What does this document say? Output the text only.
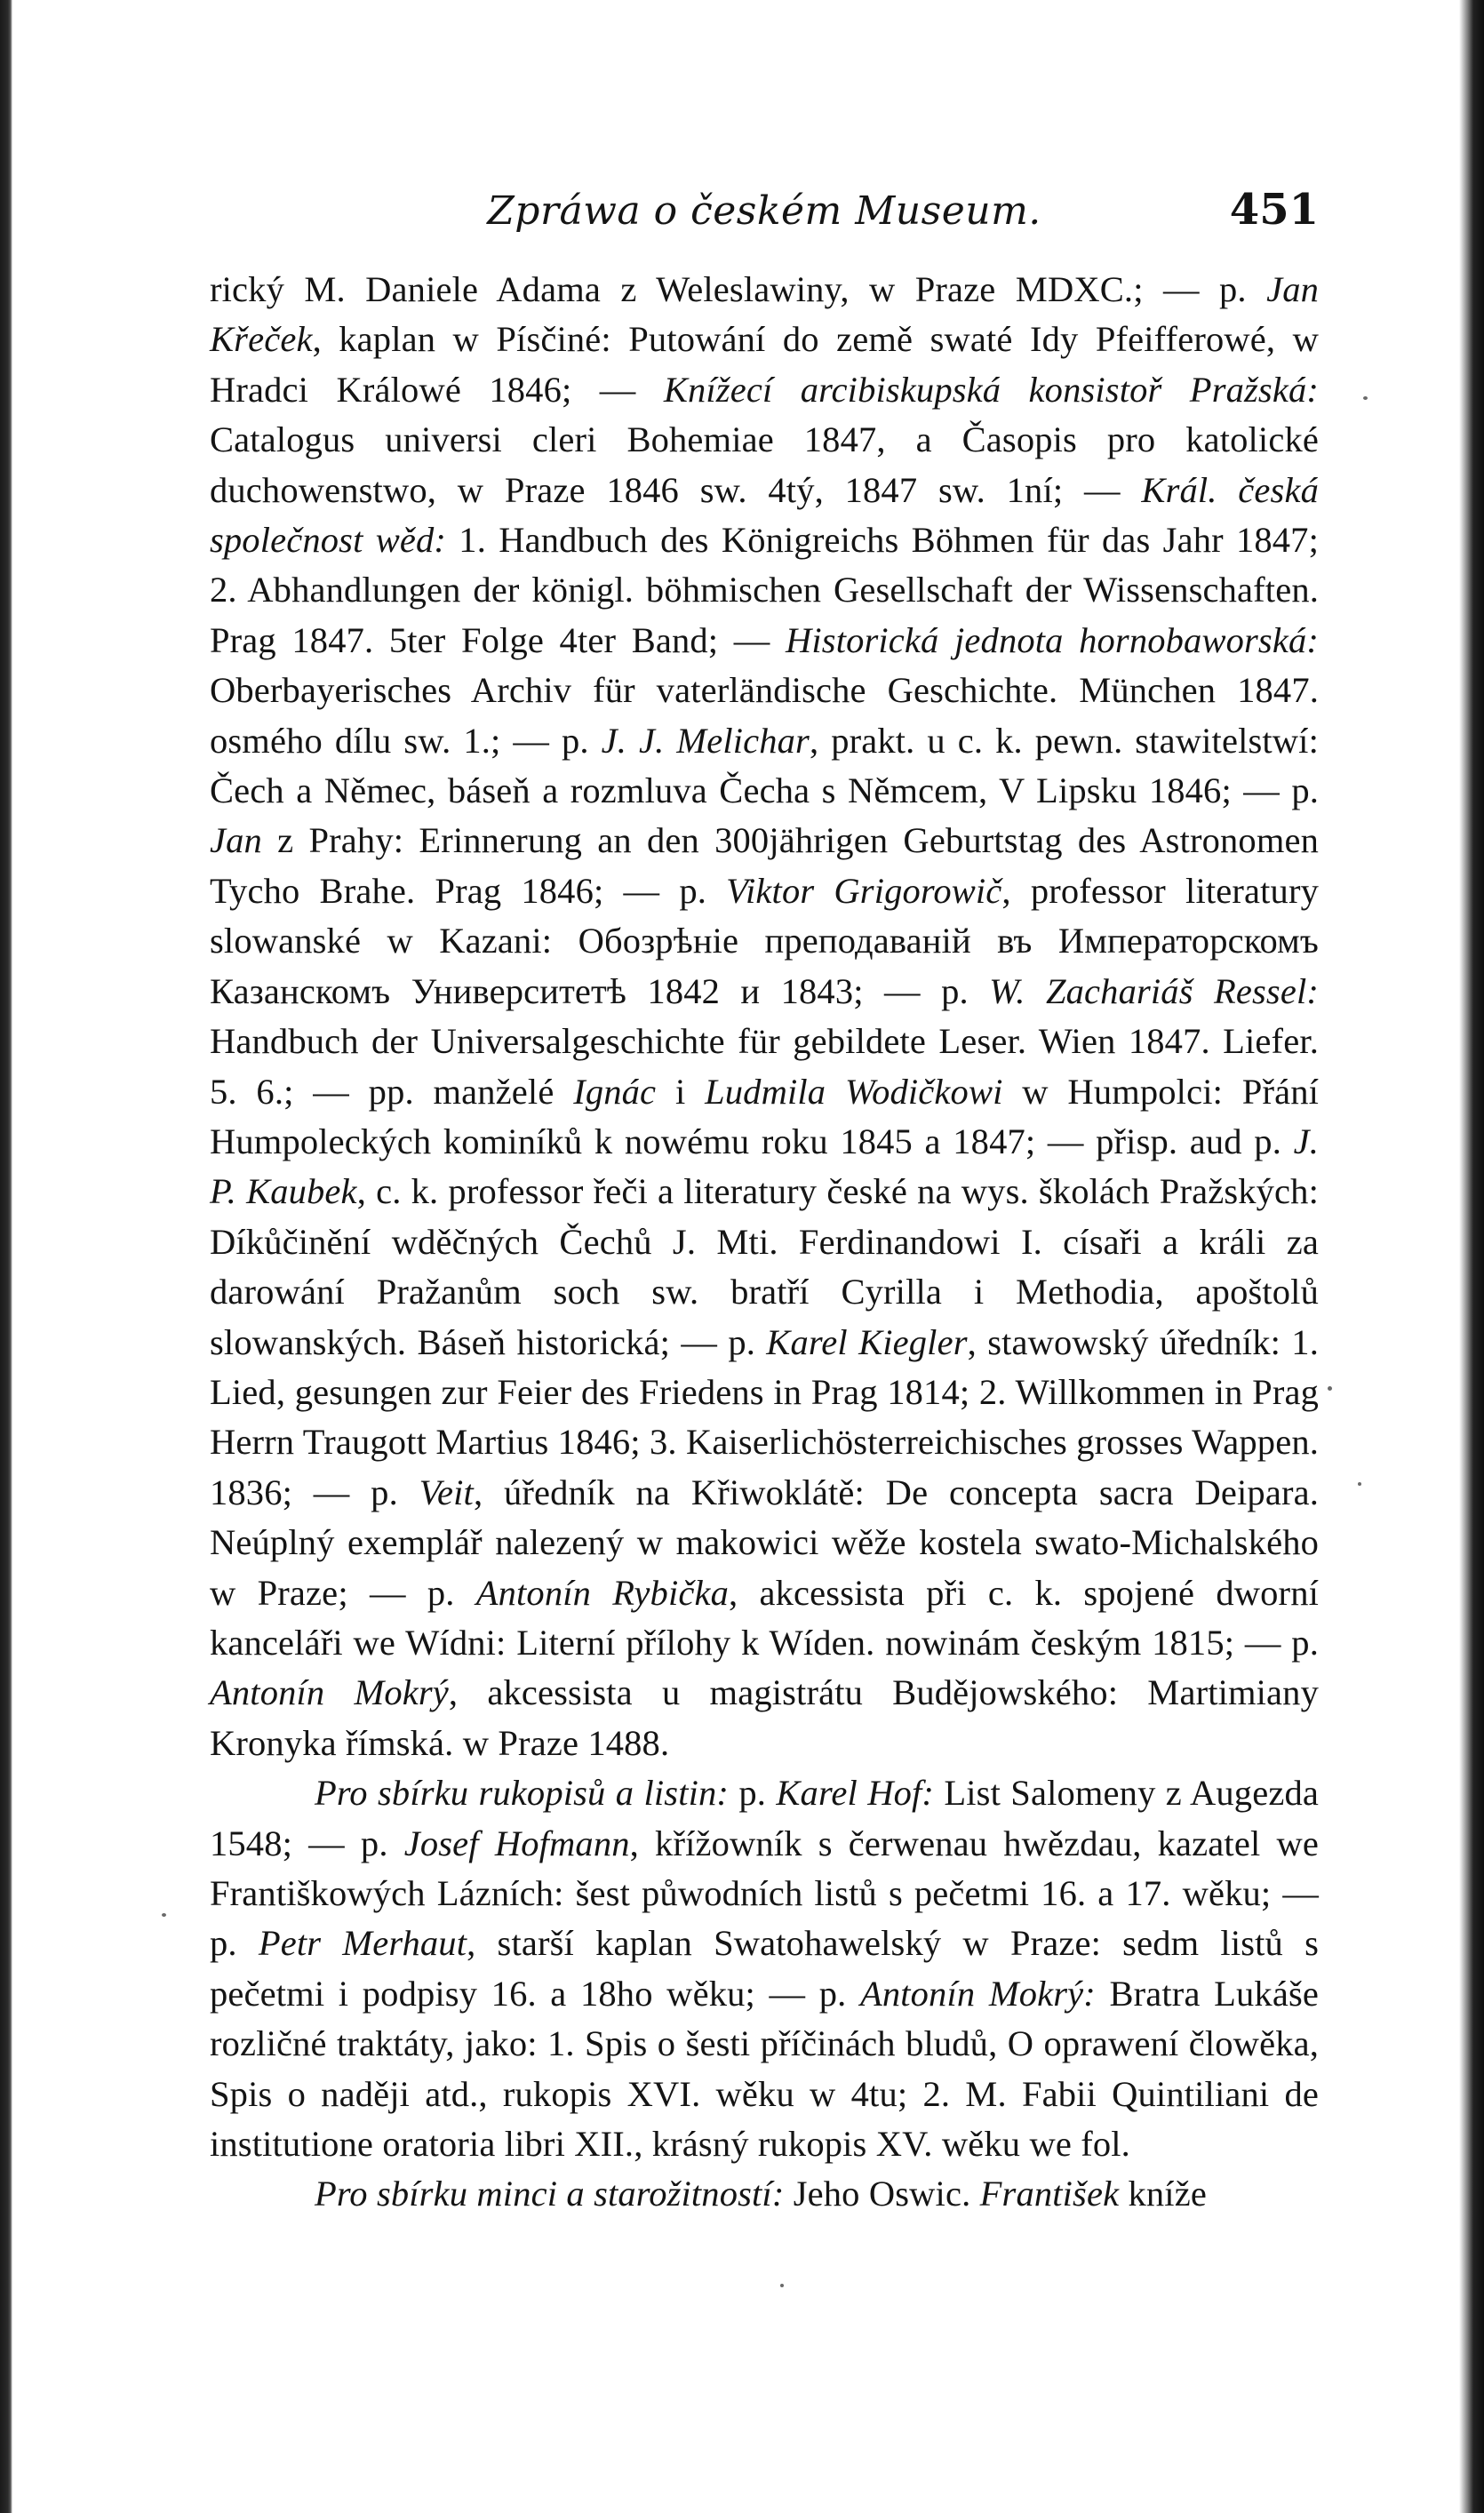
Zpráwa o českém Museum.	451

rický M. Daniele Adama z Weleslawiny, w Praze MDXC.; — p. Jan Křeček, kaplan w Písčiné: Putowání do země swaté Idy Pfeifferowé, w Hradci Králowé 1846; — Knížecí arcibiskupská konsistoř Pražská: Catalogus universi cleri Bohemiae 1847, a Časopis pro katolické duchowenstwo, w Praze 1846 sw. 4tý, 1847 sw. 1ní; — Král. česká společnost wěd: 1. Handbuch des Königreichs Böhmen für das Jahr 1847; 2. Abhandlungen der königl. böhmischen Gesellschaft der Wissenschaften. Prag 1847. 5ter Folge 4ter Band; — Historická jednota hornobaworská: Oberbayerisches Archiv für vaterländische Geschichte. München 1847. osmého dílu sw. 1.; — p. J. J. Melichar, prakt. u c. k. pewn. stawitelstwí: Čech a Němec, báseň a rozmluva Čecha s Němcem, V Lipsku 1846; — p. Jan z Prahy: Erinnerung an den 300jährigen Geburtstag des Astronomen Tycho Brahe. Prag 1846; — p. Viktor Grigorowič, professor literatury slowanské w Kazani: Обозрѣніе преподаваній въ Императорскомъ Казанскомъ Университетѣ 1842 и 1843; — p. W. Zachariáš Ressel: Handbuch der Universalgeschichte für gebildete Leser. Wien 1847. Liefer. 5. 6.; — pp. manželé Ignác i Ludmila Wodičkowi w Humpolci: Přání Humpoleckých kominíků k nowému roku 1845 a 1847; — přisp. aud p. J. P. Kaubek, c. k. professor řeči a literatury české na wys. školách Pražských: Díkůčinění wděčných Čechů J. Mti. Ferdinandowi I. císaři a králi za darowání Pražanům soch sw. bratří Cyrilla i Methodia, apoštolů slowanských. Báseň historická; — p. Karel Kiegler, stawowský úředník: 1. Lied, gesungen zur Feier des Friedens in Prag 1814; 2. Willkommen in Prag Herrn Traugott Martius 1846; 3. Kaiserlichösterreichisches grosses Wappen. 1836; — p. Veit, úředník na Křiwoklátě: De concepta sacra Deipara. Neúplný exemplář nalezený w makowici wěže kostela swato-Michalského w Praze; — p. Antonín Rybička, akcessista při c. k. spojené dworní kanceláři we Wídni: Literní přílohy k Wíden. nowinám českým 1815; — p. Antonín Mokrý, akcessista u magistrátu Budějowského: Martimiany Kronyka římská. w Praze 1488.

Pro sbírku rukopisů a listin: p. Karel Hof: List Salomeny z Augezda 1548; — p. Josef Hofmann, křížowník s čerwenau hwězdau, kazatel we Františkowých Lázních: šest půwodních listů s pečetmi 16. a 17. wěku; — p. Petr Merhaut, starší kaplan Swatohawelský w Praze: sedm listů s pečetmi i podpisy 16. a 18ho wěku; — p. Antonín Mokrý: Bratra Lukáše rozličné traktáty, jako: 1. Spis o šesti příčinách bludů, O oprawení člowěka, Spis o naději atd., rukopis XVI. wěku w 4tu; 2. M. Fabii Quintiliani de institutione oratoria libri XII., krásný rukopis XV. wěku we fol.

Pro sbírku minci a starožitností: Jeho Oswic. František kníže
